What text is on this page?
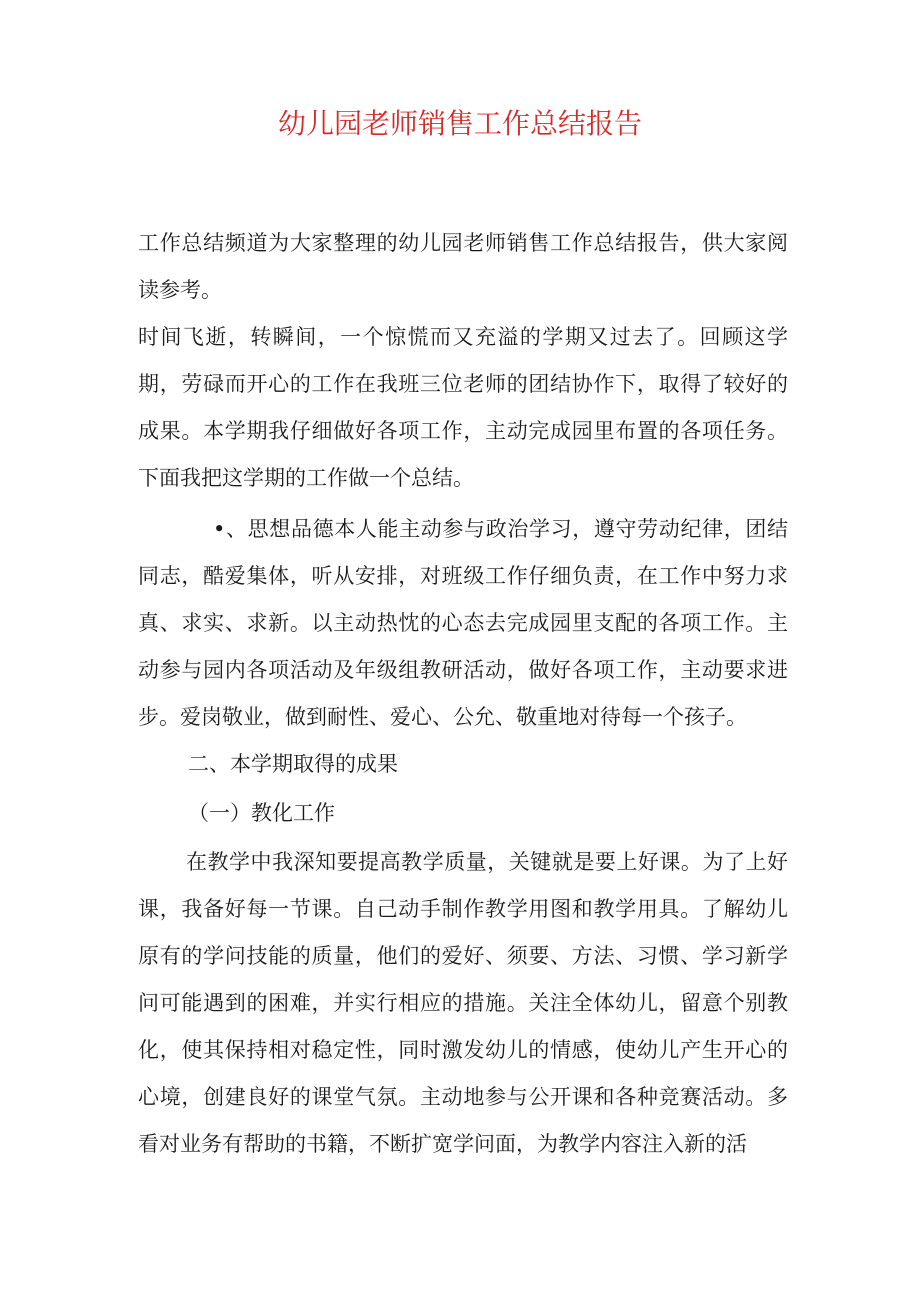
幼儿园老师销售工作总结报告

工作总结频道为大家整理的幼儿园老师销售工作总结报告，供大家阅读参考。

时间飞逝，转瞬间，一个惊慌而又充溢的学期又过去了。回顾这学期，劳碌而开心的工作在我班三位老师的团结协作下，取得了较好的成果。本学期我仔细做好各项工作，主动完成园里布置的各项任务。下面我把这学期的工作做一个总结。

•、思想品德本人能主动参与政治学习，遵守劳动纪律，团结同志，酷爱集体，听从安排，对班级工作仔细负责，在工作中努力求真、求实、求新。以主动热忱的心态去完成园里支配的各项工作。主动参与园内各项活动及年级组教研活动，做好各项工作，主动要求进步。爱岗敬业，做到耐性、爱心、公允、敬重地对待每一个孩子。

二、本学期取得的成果

（一）教化工作

在教学中我深知要提高教学质量，关键就是要上好课。为了上好课，我备好每一节课。自己动手制作教学用图和教学用具。了解幼儿原有的学问技能的质量，他们的爱好、须要、方法、习惯、学习新学问可能遇到的困难，并实行相应的措施。关注全体幼儿，留意个别教化，使其保持相对稳定性，同时激发幼儿的情感，使幼儿产生开心的心境，创建良好的课堂气氛。主动地参与公开课和各种竞赛活动。多看对业务有帮助的书籍，不断扩宽学问面，为教学内容注入新的活
